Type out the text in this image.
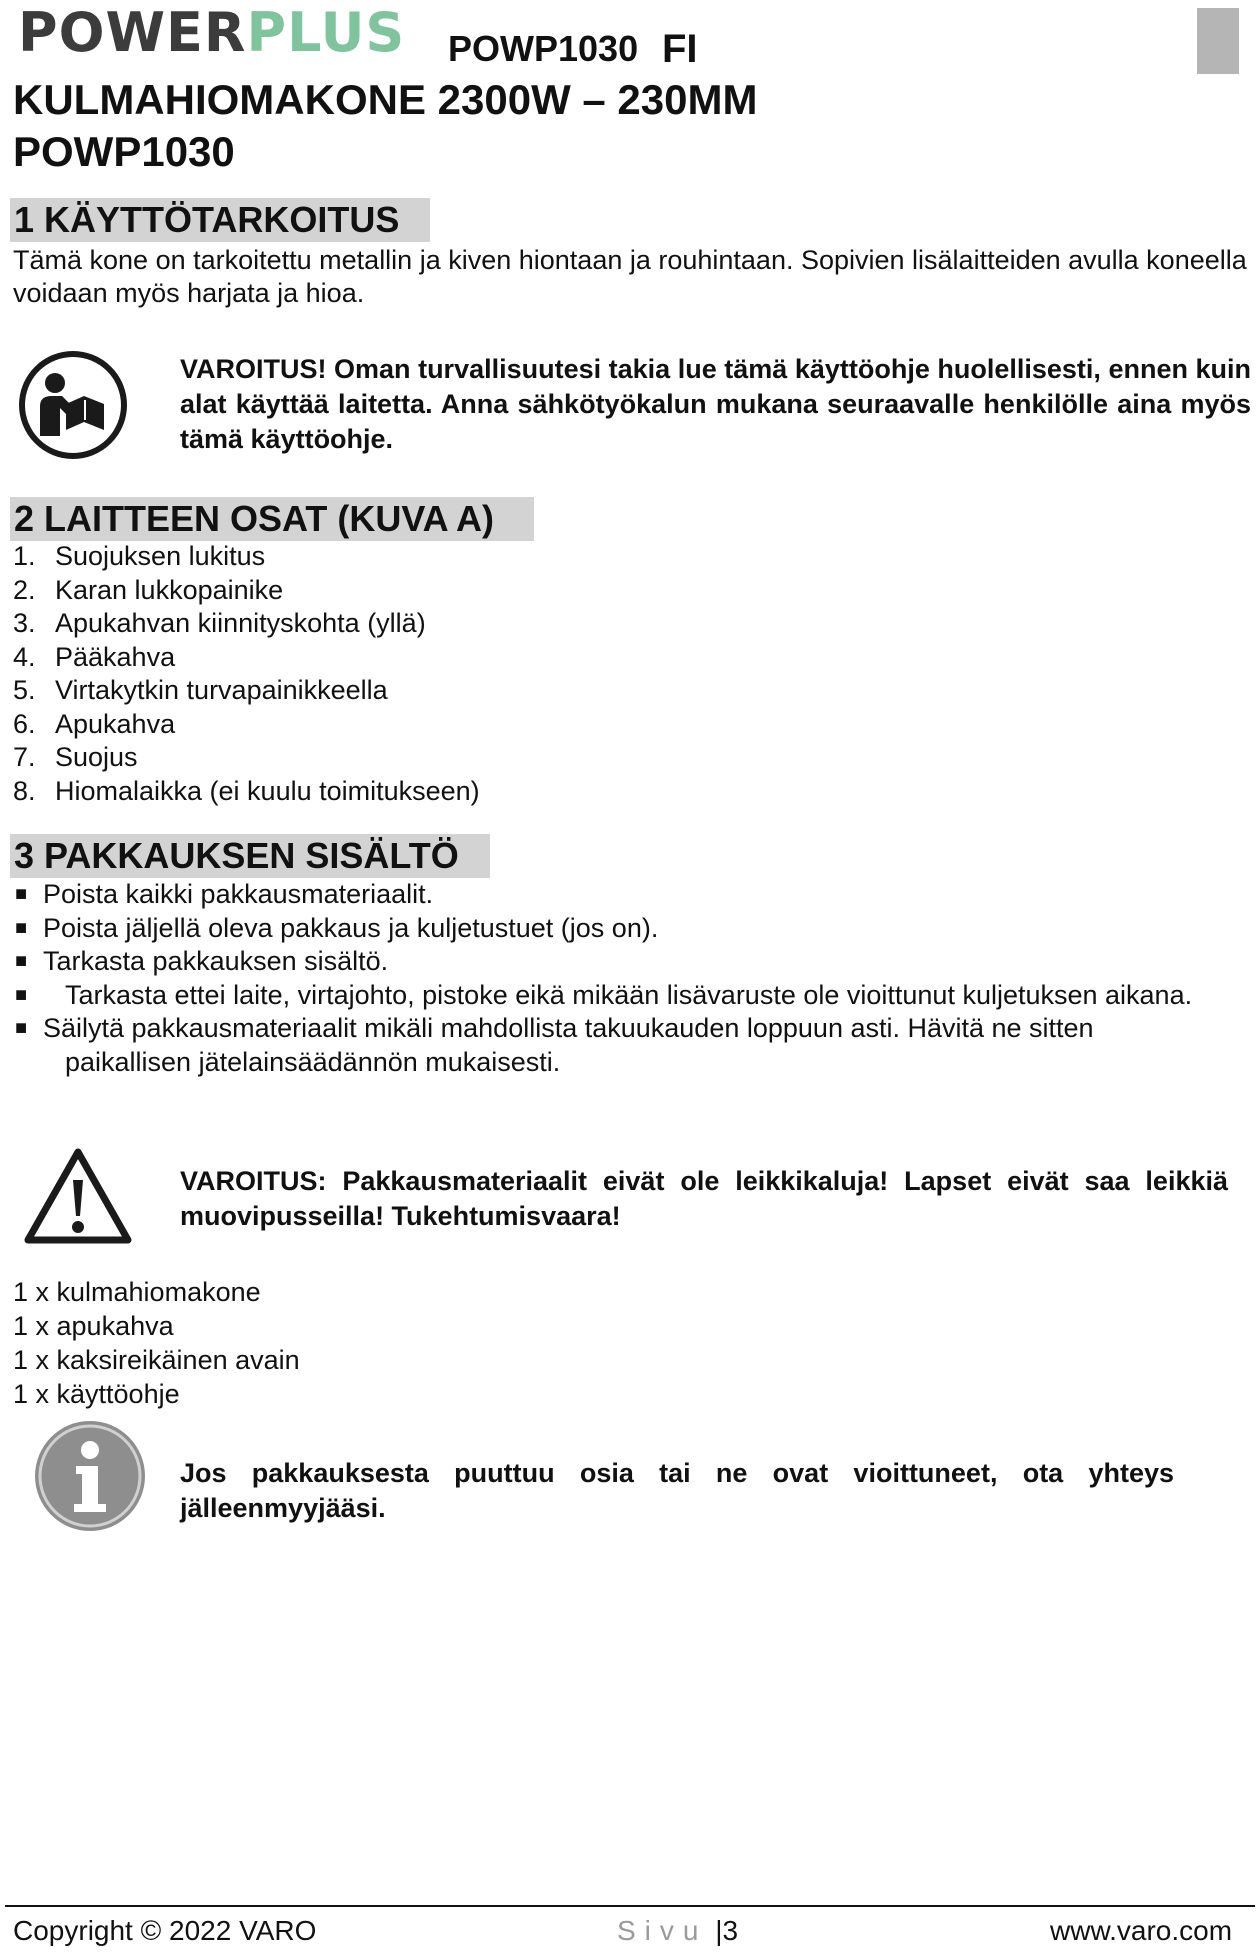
POWERPLUS POWP1030 FI
KULMAHIOMAKONE 2300W – 230MM
POWP1030
1 KÄYTTÖTARKOITUS
Tämä kone on tarkoitettu metallin ja kiven hiontaan ja rouhintaan. Sopivien lisälaitteiden avulla koneella voidaan myös harjata ja hioa.
VAROITUS! Oman turvallisuutesi takia lue tämä käyttöohje huolellisesti, ennen kuin alat käyttää laitetta. Anna sähkötyökalun mukana seuraavalle henkilölle aina myös tämä käyttöohje.
2 LAITTEEN OSAT (KUVA A)
1. Suojuksen lukitus
2. Karan lukkopainike
3. Apukahvan kiinnityskohta (yllä)
4. Pääkahva
5. Virtakytkin turvapainikkeella
6. Apukahva
7. Suojus
8. Hiomalaikka (ei kuulu toimitukseen)
3 PAKKAUKSEN SISÄLTÖ
■ Poista kaikki pakkausmateriaalit.
■ Poista jäljellä oleva pakkaus ja kuljetustuet (jos on).
■ Tarkasta pakkauksen sisältö.
■ Tarkasta ettei laite, virtajohto, pistoke eikä mikään lisävaruste ole vioittunut kuljetuksen aikana.
■ Säilytä pakkausmateriaalit mikäli mahdollista takuukauden loppuun asti. Hävitä ne sitten
paikallisen jätelainsäädännön mukaisesti.
VAROITUS: Pakkausmateriaalit eivät ole leikkikaluja! Lapset eivät saa leikkiä muovipusseilla! Tukehtumisvaara!
1 x kulmahiomakone
1 x apukahva
1 x kaksireikäinen avain
1 x käyttöohje
Jos pakkauksesta puuttuu osia tai ne ovat vioittuneet, ota yhteys jälleenmyyjääsi.
Copyright © 2022 VARO	Sivu |3	www.varo.com
